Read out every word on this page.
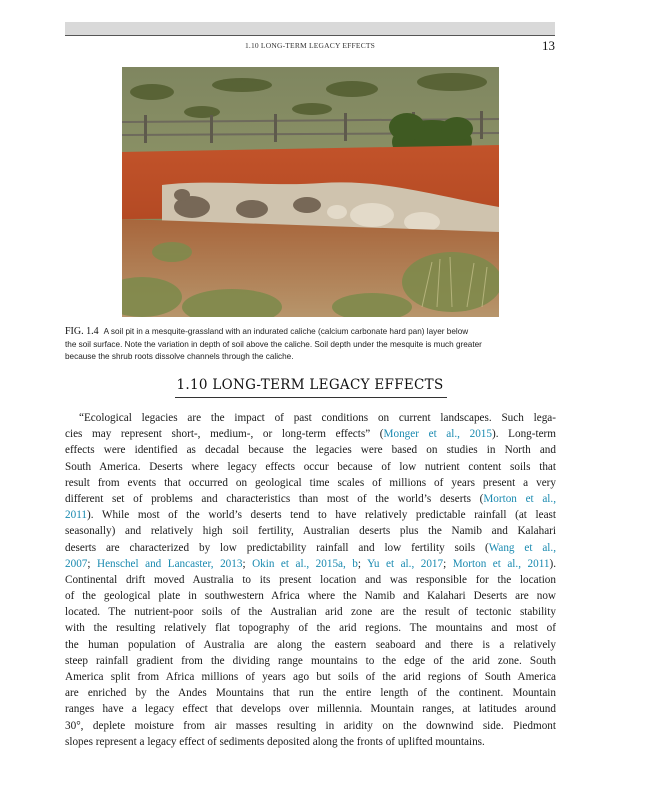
1.10 LONG-TERM LEGACY EFFECTS	13
FIG. 1.4 A soil pit in a mesquite-grassland with an indurated caliche (calcium carbonate hard pan) layer below
the soil surface. Note the variation in depth of soil above the caliche. Soil depth under the mesquite is much greater
because the shrub roots dissolve channels through the caliche.
1.10 LONG-TERM LEGACY EFFECTS
“Ecological legacies are the impact of past conditions on current landscapes. Such lega-
cies may represent short-, medium-, or long-term effects” (Monger et al., 2015). Long-term
effects were identified as decadal because the legacies were based on studies in North and
South America. Deserts where legacy effects occur because of low nutrient content soils that
result from events that occurred on geological time scales of millions of years present a very
different set of problems and characteristics than most of the world’s deserts (Morton et al.,
2011). While most of the world’s deserts tend to have relatively predictable rainfall (at least
seasonally) and relatively high soil fertility, Australian deserts plus the Namib and Kalahari
deserts are characterized by low predictability rainfall and low fertility soils (Wang et al.,
2007; Henschel and Lancaster, 2013; Okin et al., 2015a, b; Yu et al., 2017; Morton et al., 2011).
Continental drift moved Australia to its present location and was responsible for the location
of the geological plate in southwestern Africa where the Namib and Kalahari Deserts are now
located. The nutrient-poor soils of the Australian arid zone are the result of tectonic stability
with the resulting relatively flat topography of the arid regions. The mountains and most of
the human population of Australia are along the eastern seaboard and there is a relatively
steep rainfall gradient from the dividing range mountains to the edge of the arid zone. South
America split from Africa millions of years ago but soils of the arid regions of South America
are enriched by the Andes Mountains that run the entire length of the continent. Mountain
ranges have a legacy effect that develops over millennia. Mountain ranges, at latitudes around
30°, deplete moisture from air masses resulting in aridity on the downwind side. Piedmont
slopes represent a legacy effect of sediments deposited along the fronts of uplifted mountains.
